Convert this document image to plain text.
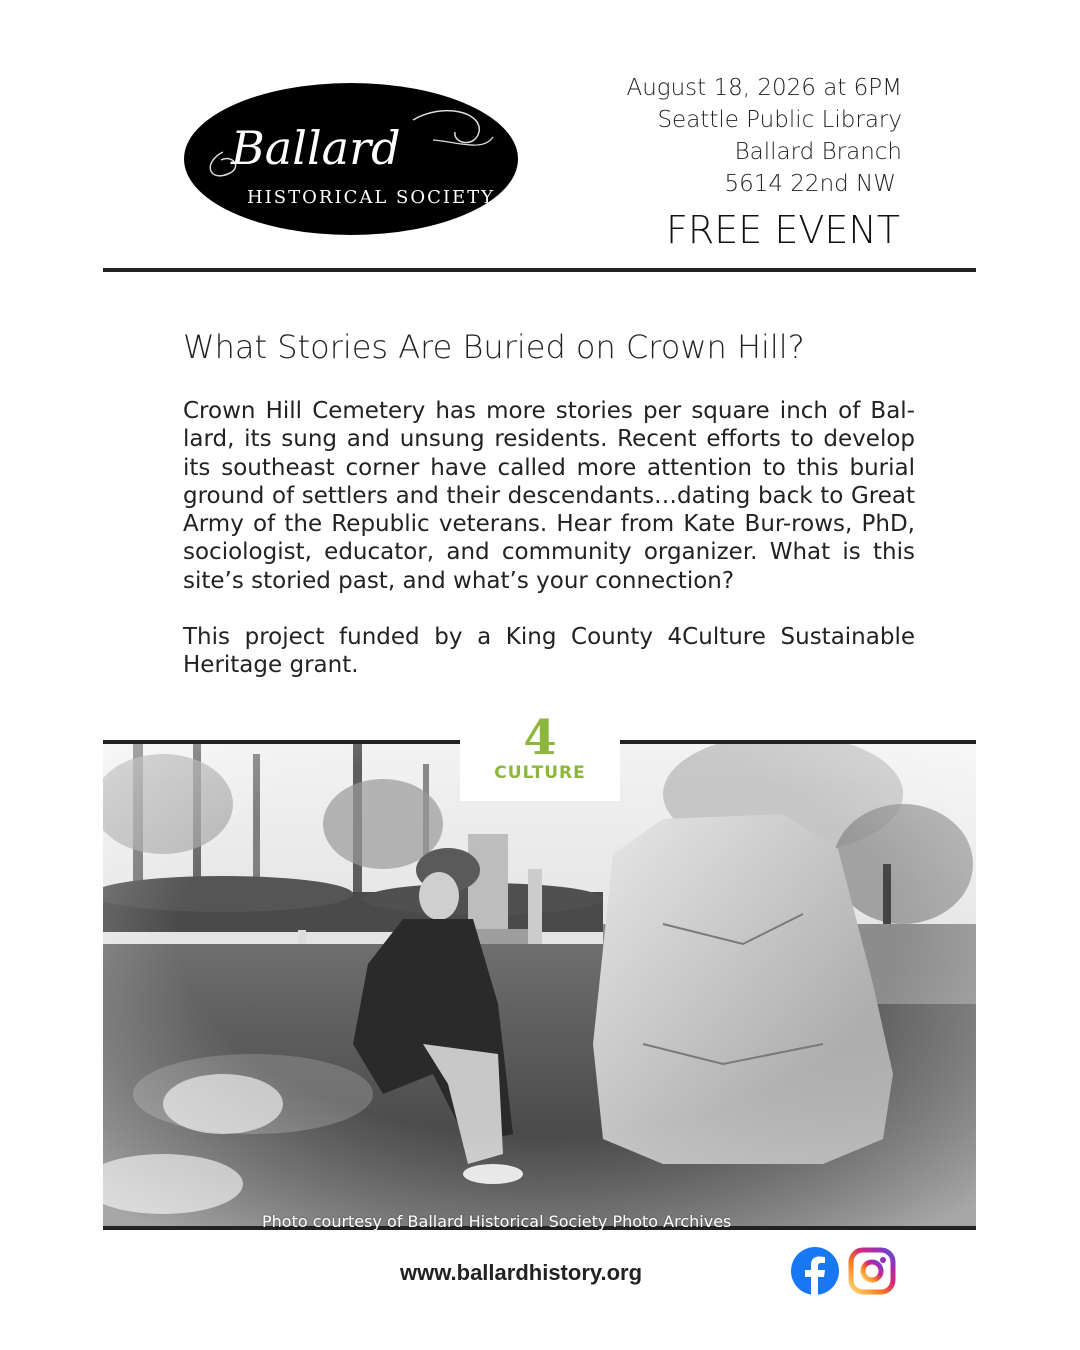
Ballard
HISTORICAL SOCIETY
August 18, 2026 at 6PM
Seattle Public Library
Ballard Branch
5614 22nd NW
FREE EVENT
What Stories Are Buried on Crown Hill?

Crown Hill Cemetery has more stories per square inch of Bal-lard, its sung and unsung residents. Recent efforts to develop its southeast corner have called more attention to this burial ground of settlers and their descendants…dating back to Great Army of the Republic veterans. Hear from Kate Bur-rows, PhD, sociologist, educator, and community organizer. What is this site’s storied past, and what’s your connection?

This project funded by a King County 4Culture Sustainable Heritage grant.

4
CULTURE
Photo courtesy of Ballard Historical Society Photo Archives
www.ballardhistory.org
